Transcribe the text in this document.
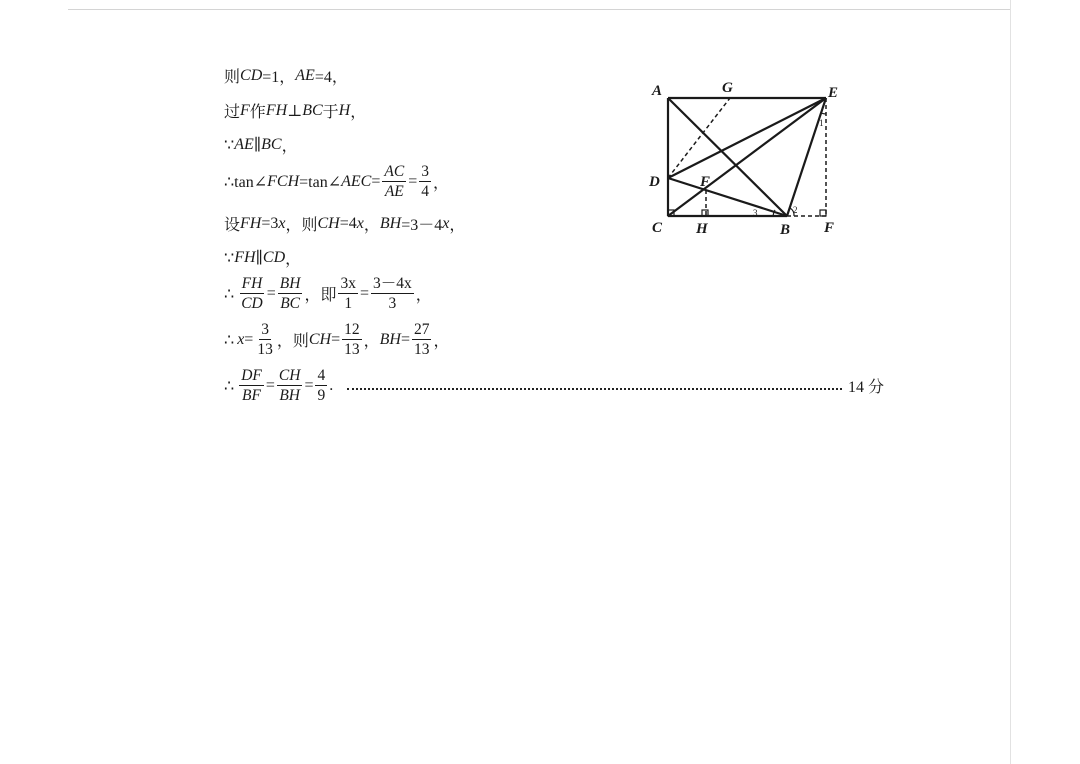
则 CD =1， AE =4，
过 F 作 FH ⊥ BC 于 H ，
∵ AE ∥ BC ，
∴tan∠ FCH =tan∠ AEC = $\frac{AC}{AE} = \frac{3}{4}$ ，
设 FH =3 x ，则 CH =4 x ， BH =3－4 x ，
∵ FH ∥ CD ，
∴ $\frac{FH}{CD} = \frac{BH}{BC}$ ，即 $\frac{3x}{1} = \frac{3-4x}{3}$ ，
∴ $x = \frac{3}{13}$ ，则 CH = $\frac{12}{13}$ ， BH = $\frac{27}{13}$ ，
∴ $\frac{DF}{BF} = \frac{CH}{BH} = \frac{4}{9}$ .	14 分
A	G	E
D	F
C H	B F
1
2
3
